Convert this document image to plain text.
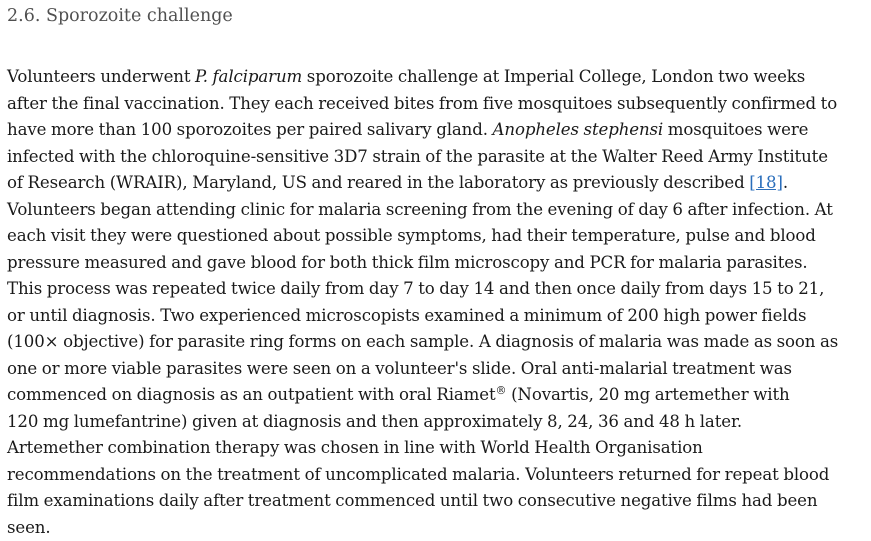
2.6. Sporozoite challenge

Volunteers underwent P. falciparum sporozoite challenge at Imperial College, London two weeks
after the final vaccination. They each received bites from five mosquitoes subsequently confirmed to
have more than 100 sporozoites per paired salivary gland. Anopheles stephensi mosquitoes were
infected with the chloroquine-sensitive 3D7 strain of the parasite at the Walter Reed Army Institute
of Research (WRAIR), Maryland, US and reared in the laboratory as previously described [18].
Volunteers began attending clinic for malaria screening from the evening of day 6 after infection. At
each visit they were questioned about possible symptoms, had their temperature, pulse and blood
pressure measured and gave blood for both thick film microscopy and PCR for malaria parasites.
This process was repeated twice daily from day 7 to day 14 and then once daily from days 15 to 21,
or until diagnosis. Two experienced microscopists examined a minimum of 200 high power fields
(100× objective) for parasite ring forms on each sample. A diagnosis of malaria was made as soon as
one or more viable parasites were seen on a volunteer's slide. Oral anti-malarial treatment was
commenced on diagnosis as an outpatient with oral Riamet® (Novartis, 20 mg artemether with
120 mg lumefantrine) given at diagnosis and then approximately 8, 24, 36 and 48 h later.
Artemether combination therapy was chosen in line with World Health Organisation
recommendations on the treatment of uncomplicated malaria. Volunteers returned for repeat blood
film examinations daily after treatment commenced until two consecutive negative films had been
seen.
